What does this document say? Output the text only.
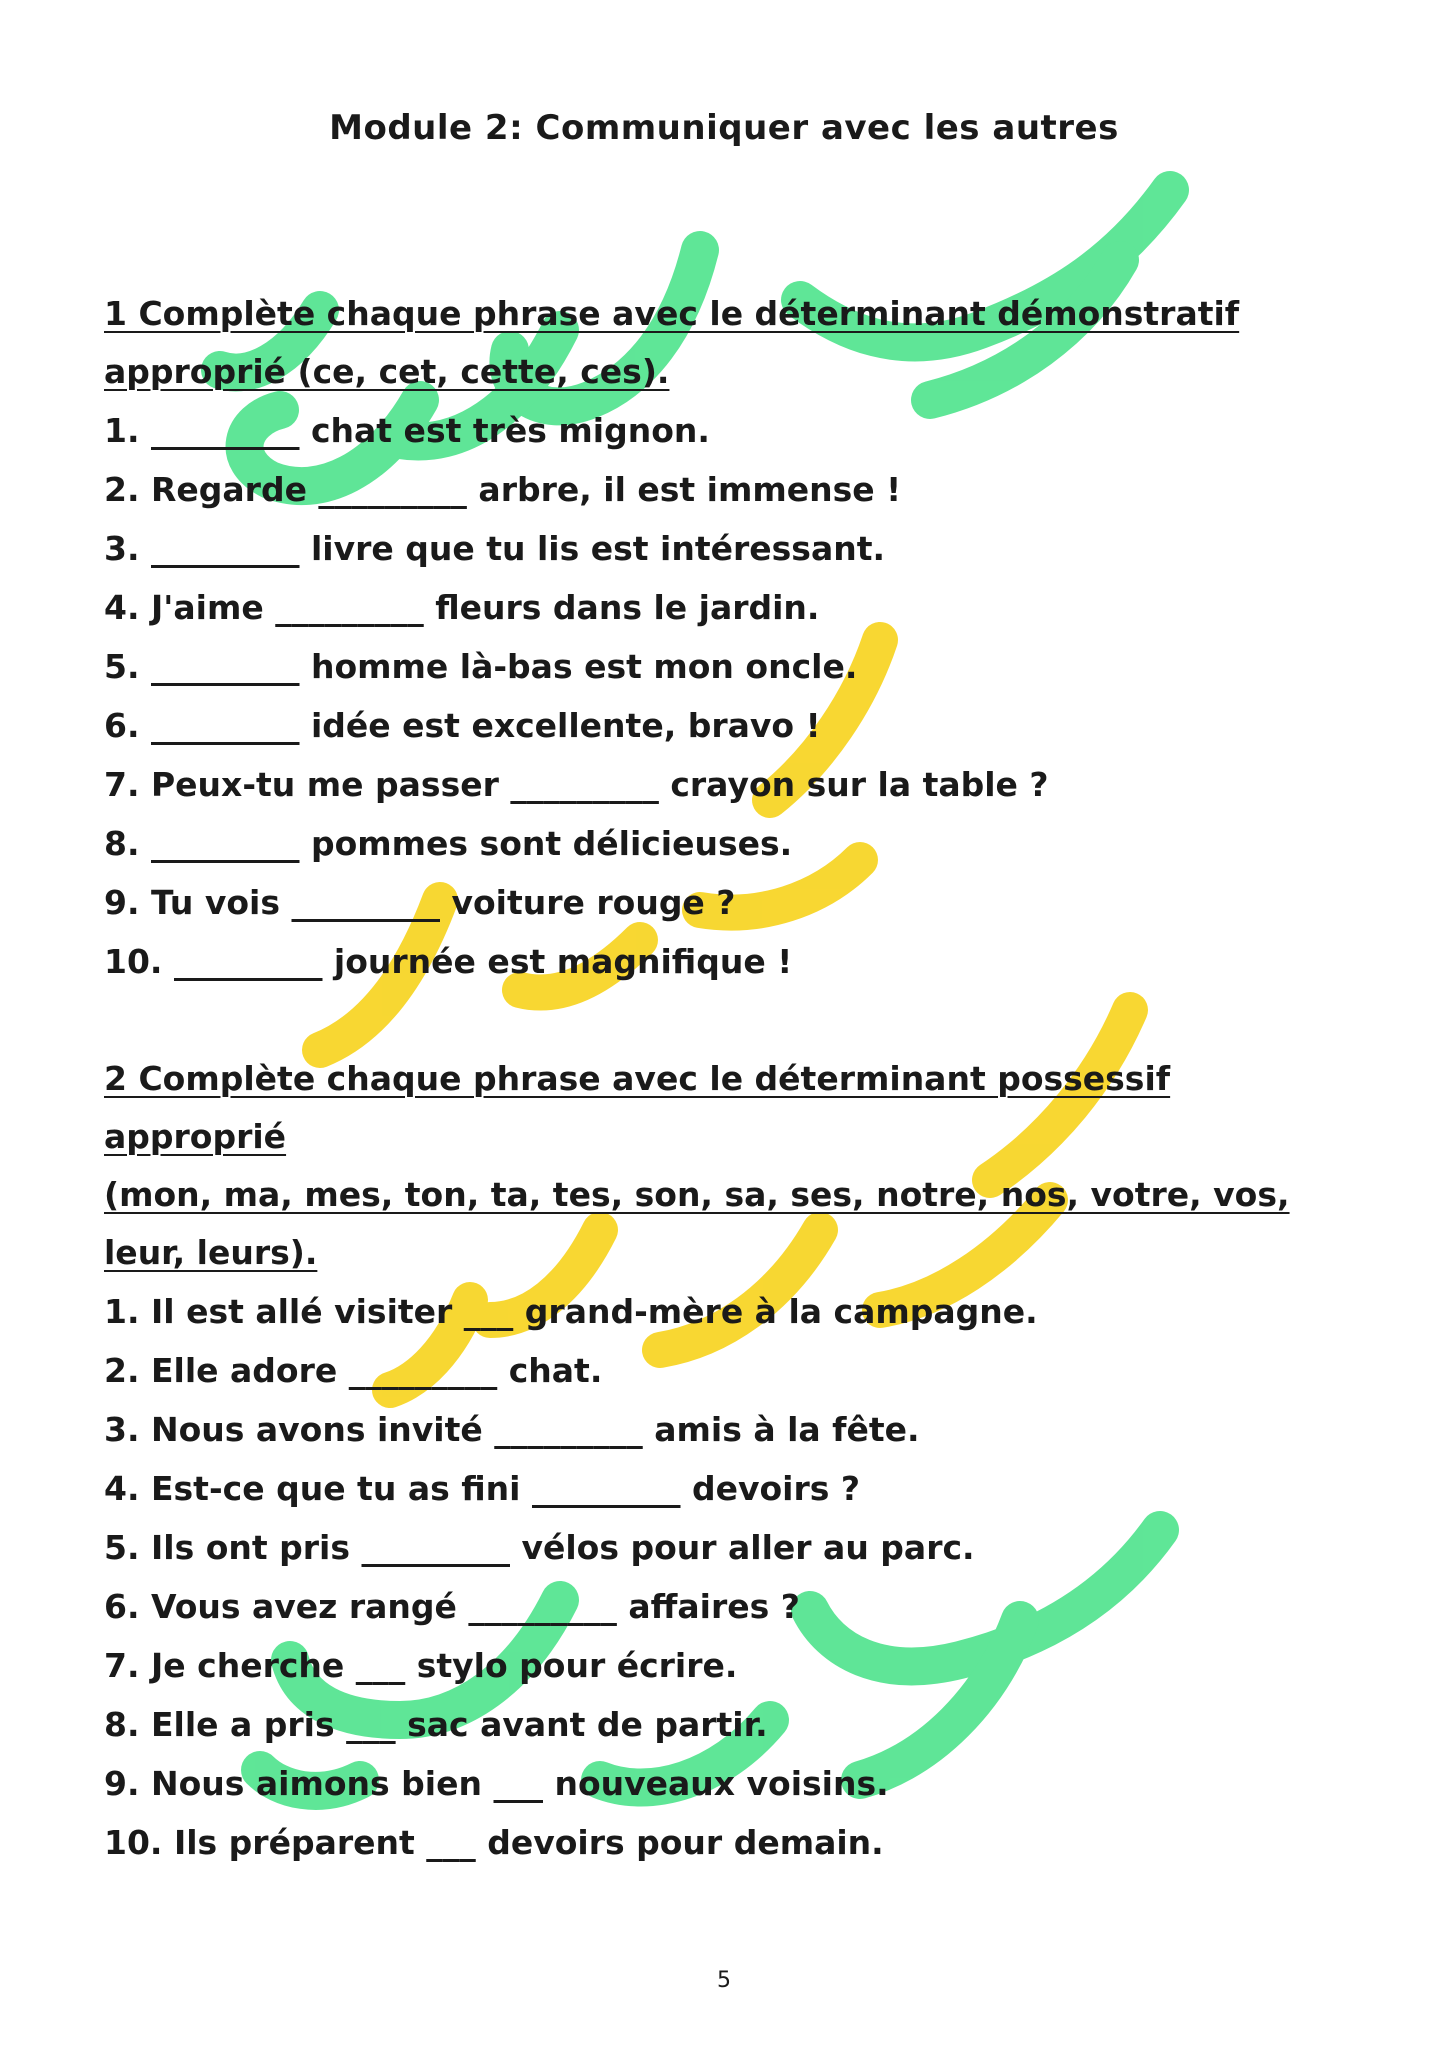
Module 2: Communiquer avec les autres

1 Complète chaque phrase avec le déterminant démonstratif

approprié (ce, cet, cette, ces).

1. _________ chat est très mignon.
2. Regarde _________ arbre, il est immense !
3. _________ livre que tu lis est intéressant.
4. J'aime _________ fleurs dans le jardin.
5. _________ homme là-bas est mon oncle.
6. _________ idée est excellente, bravo !
7. Peux-tu me passer _________ crayon sur la table ?
8. _________ pommes sont délicieuses.
9. Tu vois _________ voiture rouge ?
10. _________ journée est magnifique !

2 Complète chaque phrase avec le déterminant possessif approprié

(mon, ma, mes, ton, ta, tes, son, sa, ses, notre, nos, votre, vos,

leur, leurs).

1. Il est allé visiter ___ grand-mère à la campagne.
2. Elle adore _________ chat.
3. Nous avons invité _________ amis à la fête.
4. Est-ce que tu as fini _________ devoirs ?
5. Ils ont pris _________ vélos pour aller au parc.
6. Vous avez rangé _________ affaires ?
7. Je cherche ___ stylo pour écrire.
8. Elle a pris ___ sac avant de partir.
9. Nous aimons bien ___ nouveaux voisins.
10. Ils préparent ___ devoirs pour demain.
5
